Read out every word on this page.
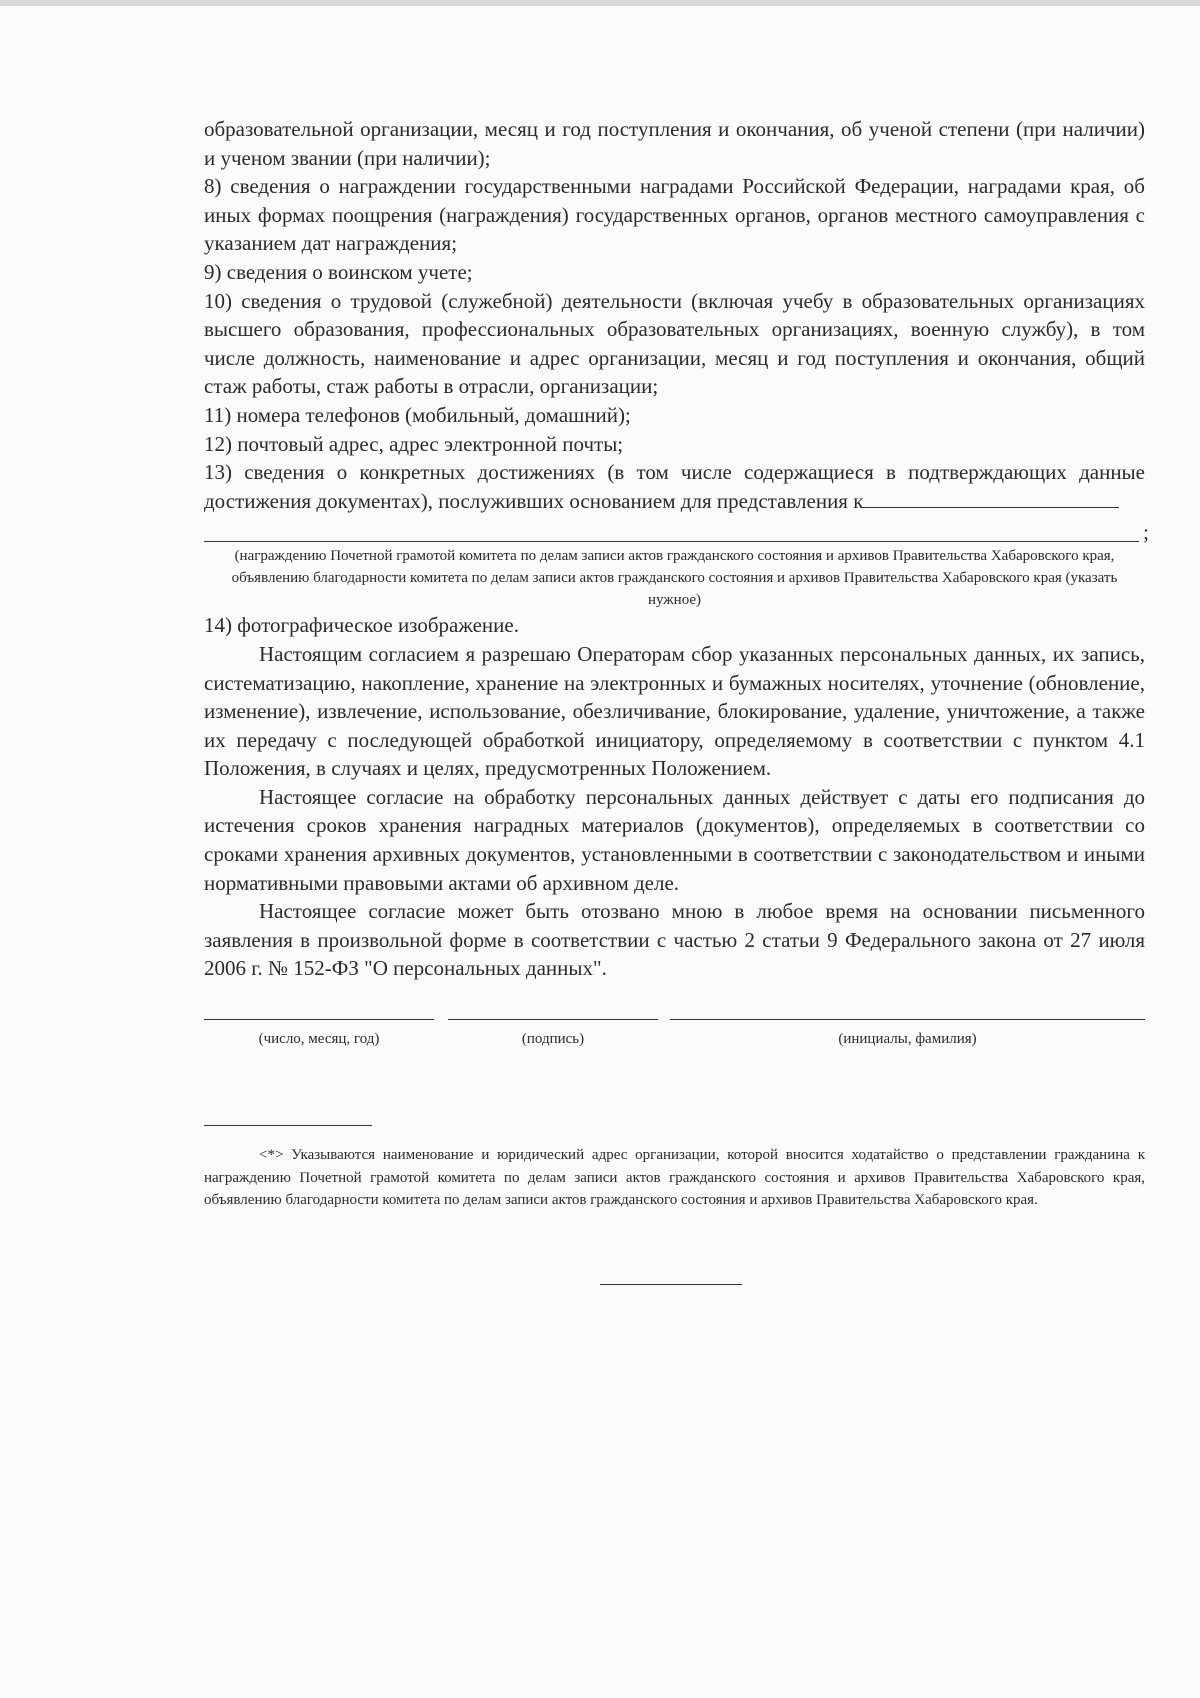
образовательной организации, месяц и год поступления и окончания, об ученой степени (при наличии) и ученом звании (при наличии);

8) сведения о награждении государственными наградами Российской Федерации, наградами края, об иных формах поощрения (награждения) государственных органов, органов местного самоуправления с указанием дат награждения;

9) сведения о воинском учете;

10) сведения о трудовой (служебной) деятельности (включая учебу в образовательных организациях высшего образования, профессиональных образовательных организациях, военную службу), в том числе должность, наименование и адрес организации, месяц и год поступления и окончания, общий стаж работы, стаж работы в отрасли, организации;

11) номера телефонов (мобильный, домашний);

12) почтовый адрес, адрес электронной почты;

13) сведения о конкретных достижениях (в том числе содержащиеся в подтверждающих данные достижения документах), послуживших основанием для представления к

;

(награждению Почетной грамотой комитета по делам записи актов гражданского состояния и архивов Правительства Хабаровского края, объявлению благодарности комитета по делам записи актов гражданского состояния и архивов Правительства Хабаровского края (указать нужное)

14) фотографическое изображение.

Настоящим согласием я разрешаю Операторам сбор указанных персональных данных, их запись, систематизацию, накопление, хранение на электронных и бумажных носителях, уточнение (обновление, изменение), извлечение, использование, обезличивание, блокирование, удаление, уничтожение, а также их передачу с последующей обработкой инициатору, определяемому в соответствии с пунктом 4.1 Положения, в случаях и целях, предусмотренных Положением.

Настоящее согласие на обработку персональных данных действует с даты его подписания до истечения сроков хранения наградных материалов (документов), определяемых в соответствии со сроками хранения архивных документов, установленными в соответствии с законодательством и иными нормативными правовыми актами об архивном деле.

Настоящее согласие может быть отозвано мною в любое время на основании письменного заявления в произвольной форме в соответствии с частью 2 статьи 9 Федерального закона от 27 июля 2006 г. № 152-ФЗ "О персональных данных".

(число, месяц, год)	(подпись)	(инициалы, фамилия)

<*> Указываются наименование и юридический адрес организации, которой вносится ходатайство о представлении гражданина к награждению Почетной грамотой комитета по делам записи актов гражданского состояния и архивов Правительства Хабаровского края, объявлению благодарности комитета по делам записи актов гражданского состояния и архивов Правительства Хабаровского края.
